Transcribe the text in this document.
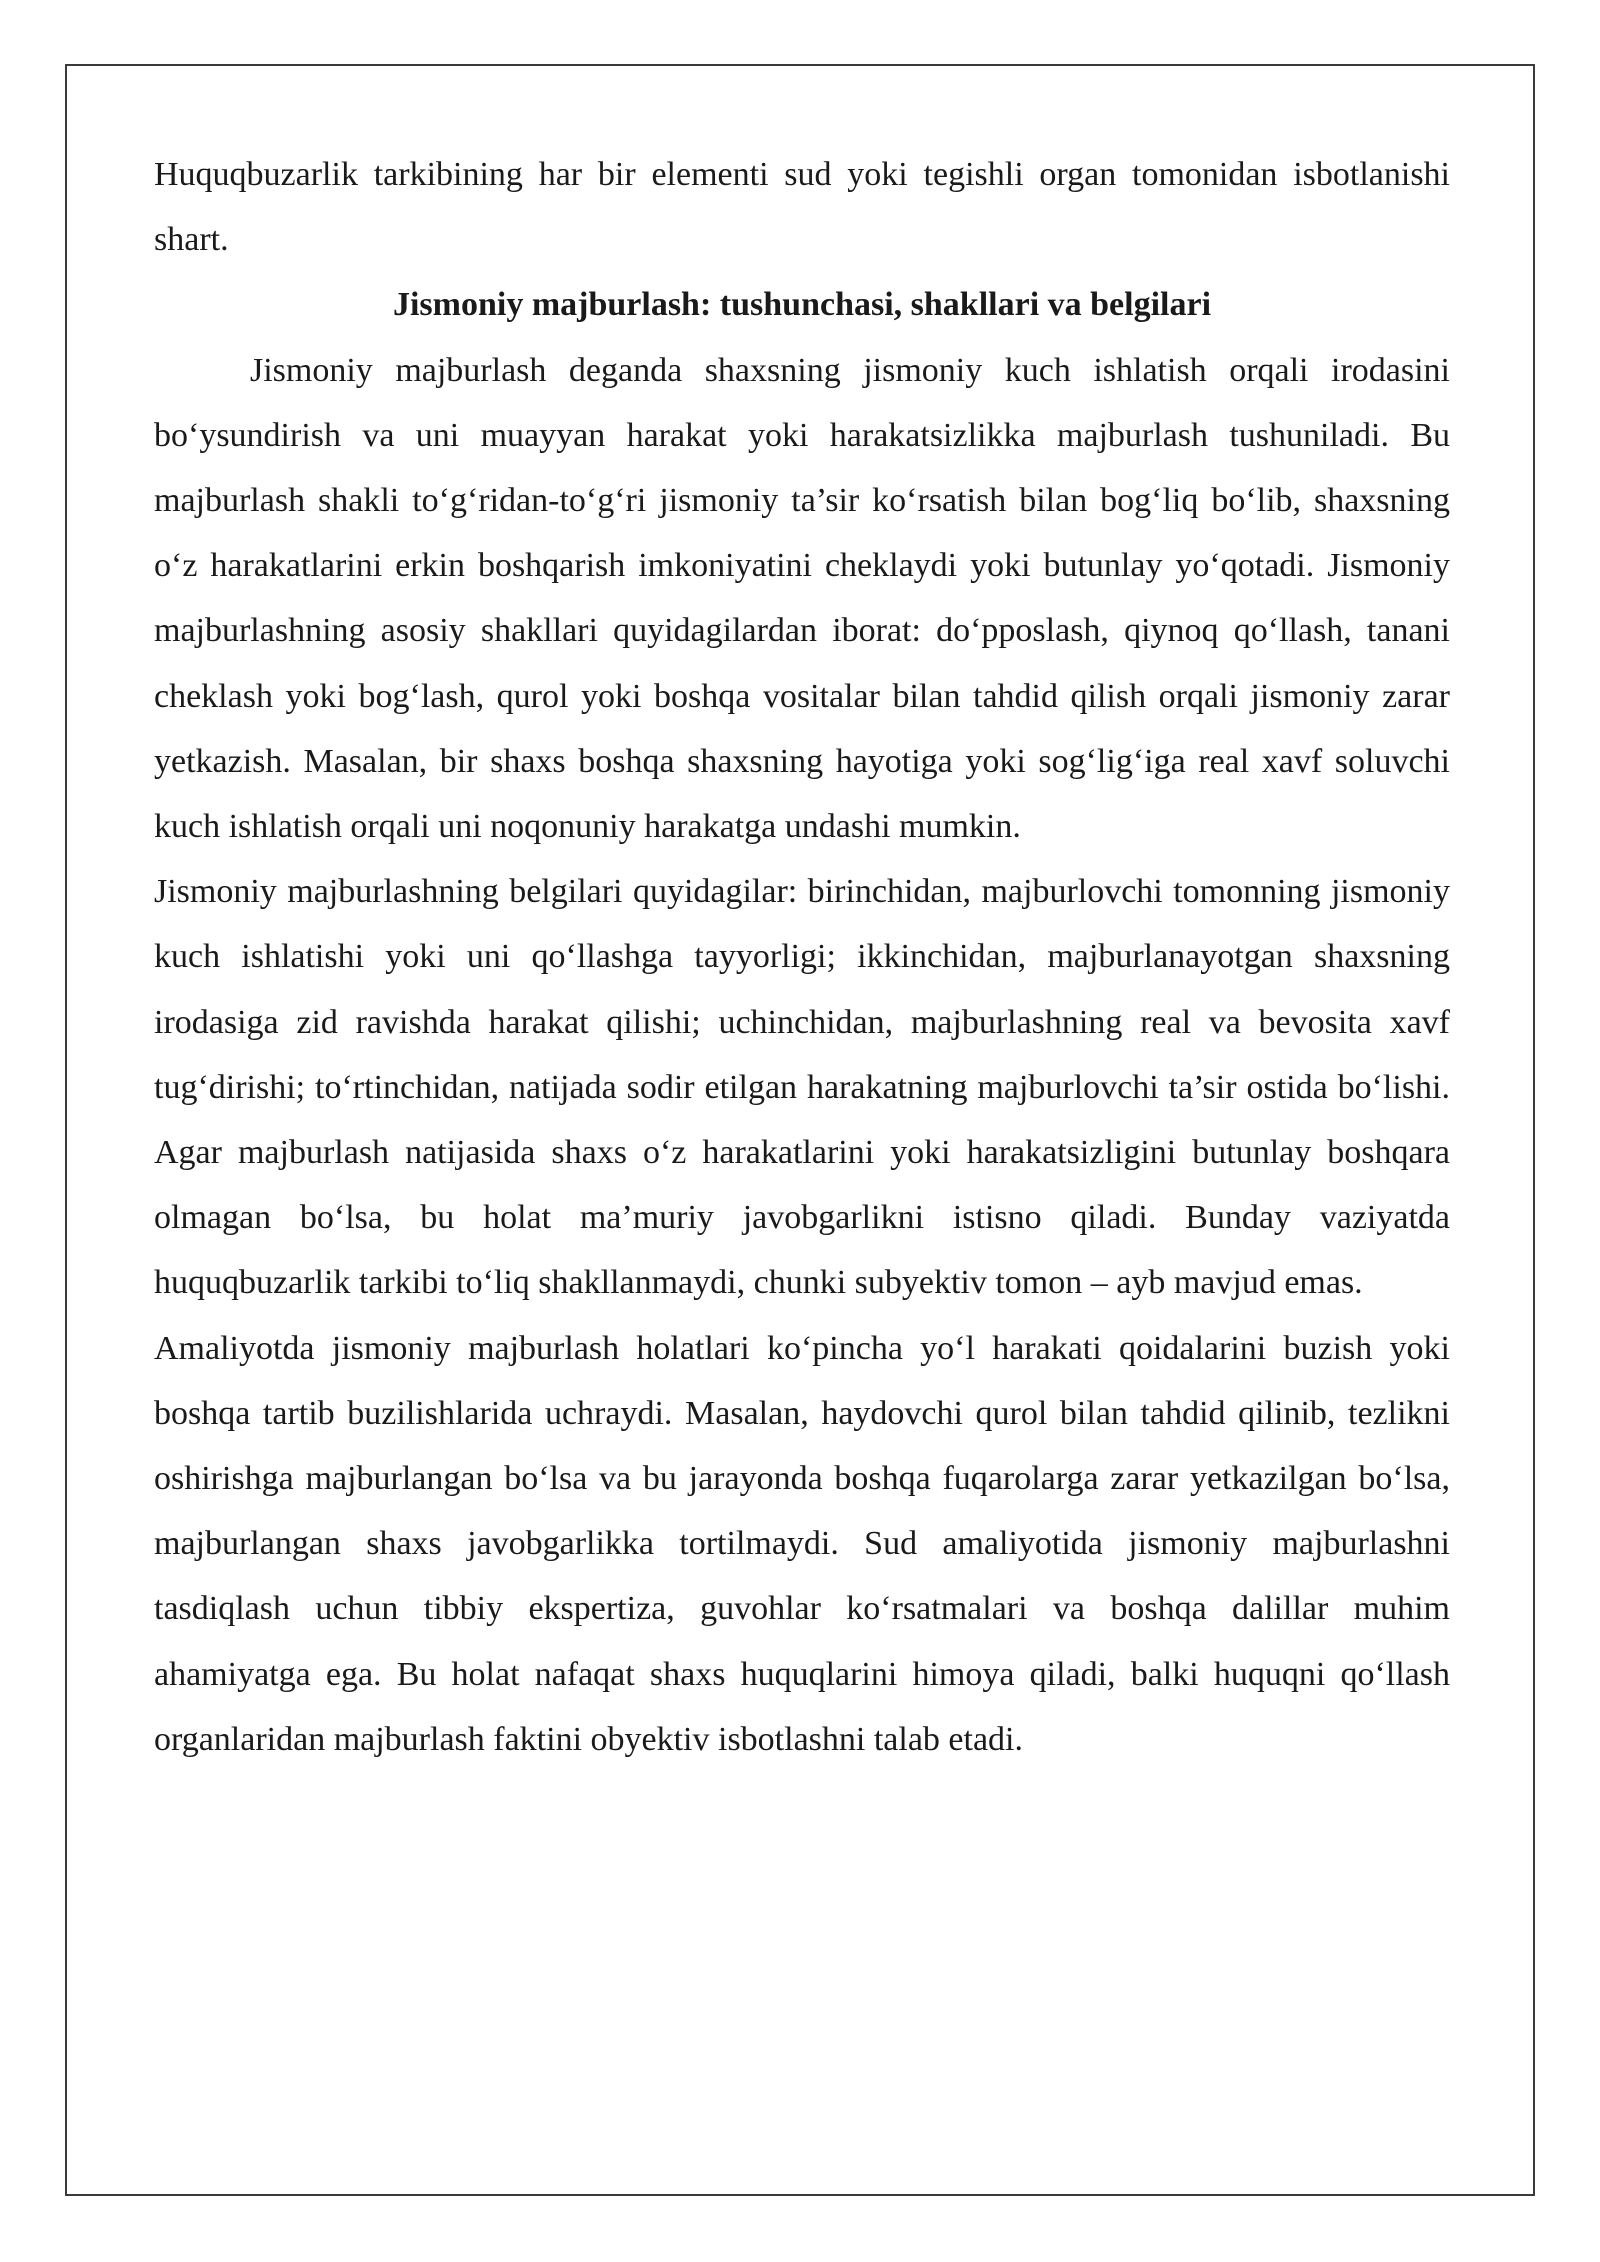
Huquqbuzarlik tarkibining har bir elementi sud yoki tegishli organ tomonidan isbotlanishi shart.

Jismoniy majburlash: tushunchasi, shakllari va belgilari

Jismoniy majburlash deganda shaxsning jismoniy kuch ishlatish orqali irodasini bo‘ysundirish va uni muayyan harakat yoki harakatsizlikka majburlash tushuniladi. Bu majburlash shakli to‘g‘ridan-to‘g‘ri jismoniy ta’sir ko‘rsatish bilan bog‘liq bo‘lib, shaxsning o‘z harakatlarini erkin boshqarish imkoniyatini cheklaydi yoki butunlay yo‘qotadi. Jismoniy majburlashning asosiy shakllari quyidagilardan iborat: do‘pposlash, qiynoq qo‘llash, tanani cheklash yoki bog‘lash, qurol yoki boshqa vositalar bilan tahdid qilish orqali jismoniy zarar yetkazish. Masalan, bir shaxs boshqa shaxsning hayotiga yoki sog‘lig‘iga real xavf soluvchi kuch ishlatish orqali uni noqonuniy harakatga undashi mumkin.

Jismoniy majburlashning belgilari quyidagilar: birinchidan, majburlovchi tomonning jismoniy kuch ishlatishi yoki uni qo‘llashga tayyorligi; ikkinchidan, majburlanayotgan shaxsning irodasiga zid ravishda harakat qilishi; uchinchidan, majburlashning real va bevosita xavf tug‘dirishi; to‘rtinchidan, natijada sodir etilgan harakatning majburlovchi ta’sir ostida bo‘lishi. Agar majburlash natijasida shaxs o‘z harakatlarini yoki harakatsizligini butunlay boshqara olmagan bo‘lsa, bu holat ma’muriy javobgarlikni istisno qiladi. Bunday vaziyatda huquqbuzarlik tarkibi to‘liq shakllanmaydi, chunki subyektiv tomon – ayb mavjud emas.

Amaliyotda jismoniy majburlash holatlari ko‘pincha yo‘l harakati qoidalarini buzish yoki boshqa tartib buzilishlarida uchraydi. Masalan, haydovchi qurol bilan tahdid qilinib, tezlikni oshirishga majburlangan bo‘lsa va bu jarayonda boshqa fuqarolarga zarar yetkazilgan bo‘lsa, majburlangan shaxs javobgarlikka tortilmaydi. Sud amaliyotida jismoniy majburlashni tasdiqlash uchun tibbiy ekspertiza, guvohlar ko‘rsatmalari va boshqa dalillar muhim ahamiyatga ega. Bu holat nafaqat shaxs huquqlarini himoya qiladi, balki huquqni qo‘llash organlaridan majburlash faktini obyektiv isbotlashni talab etadi.
